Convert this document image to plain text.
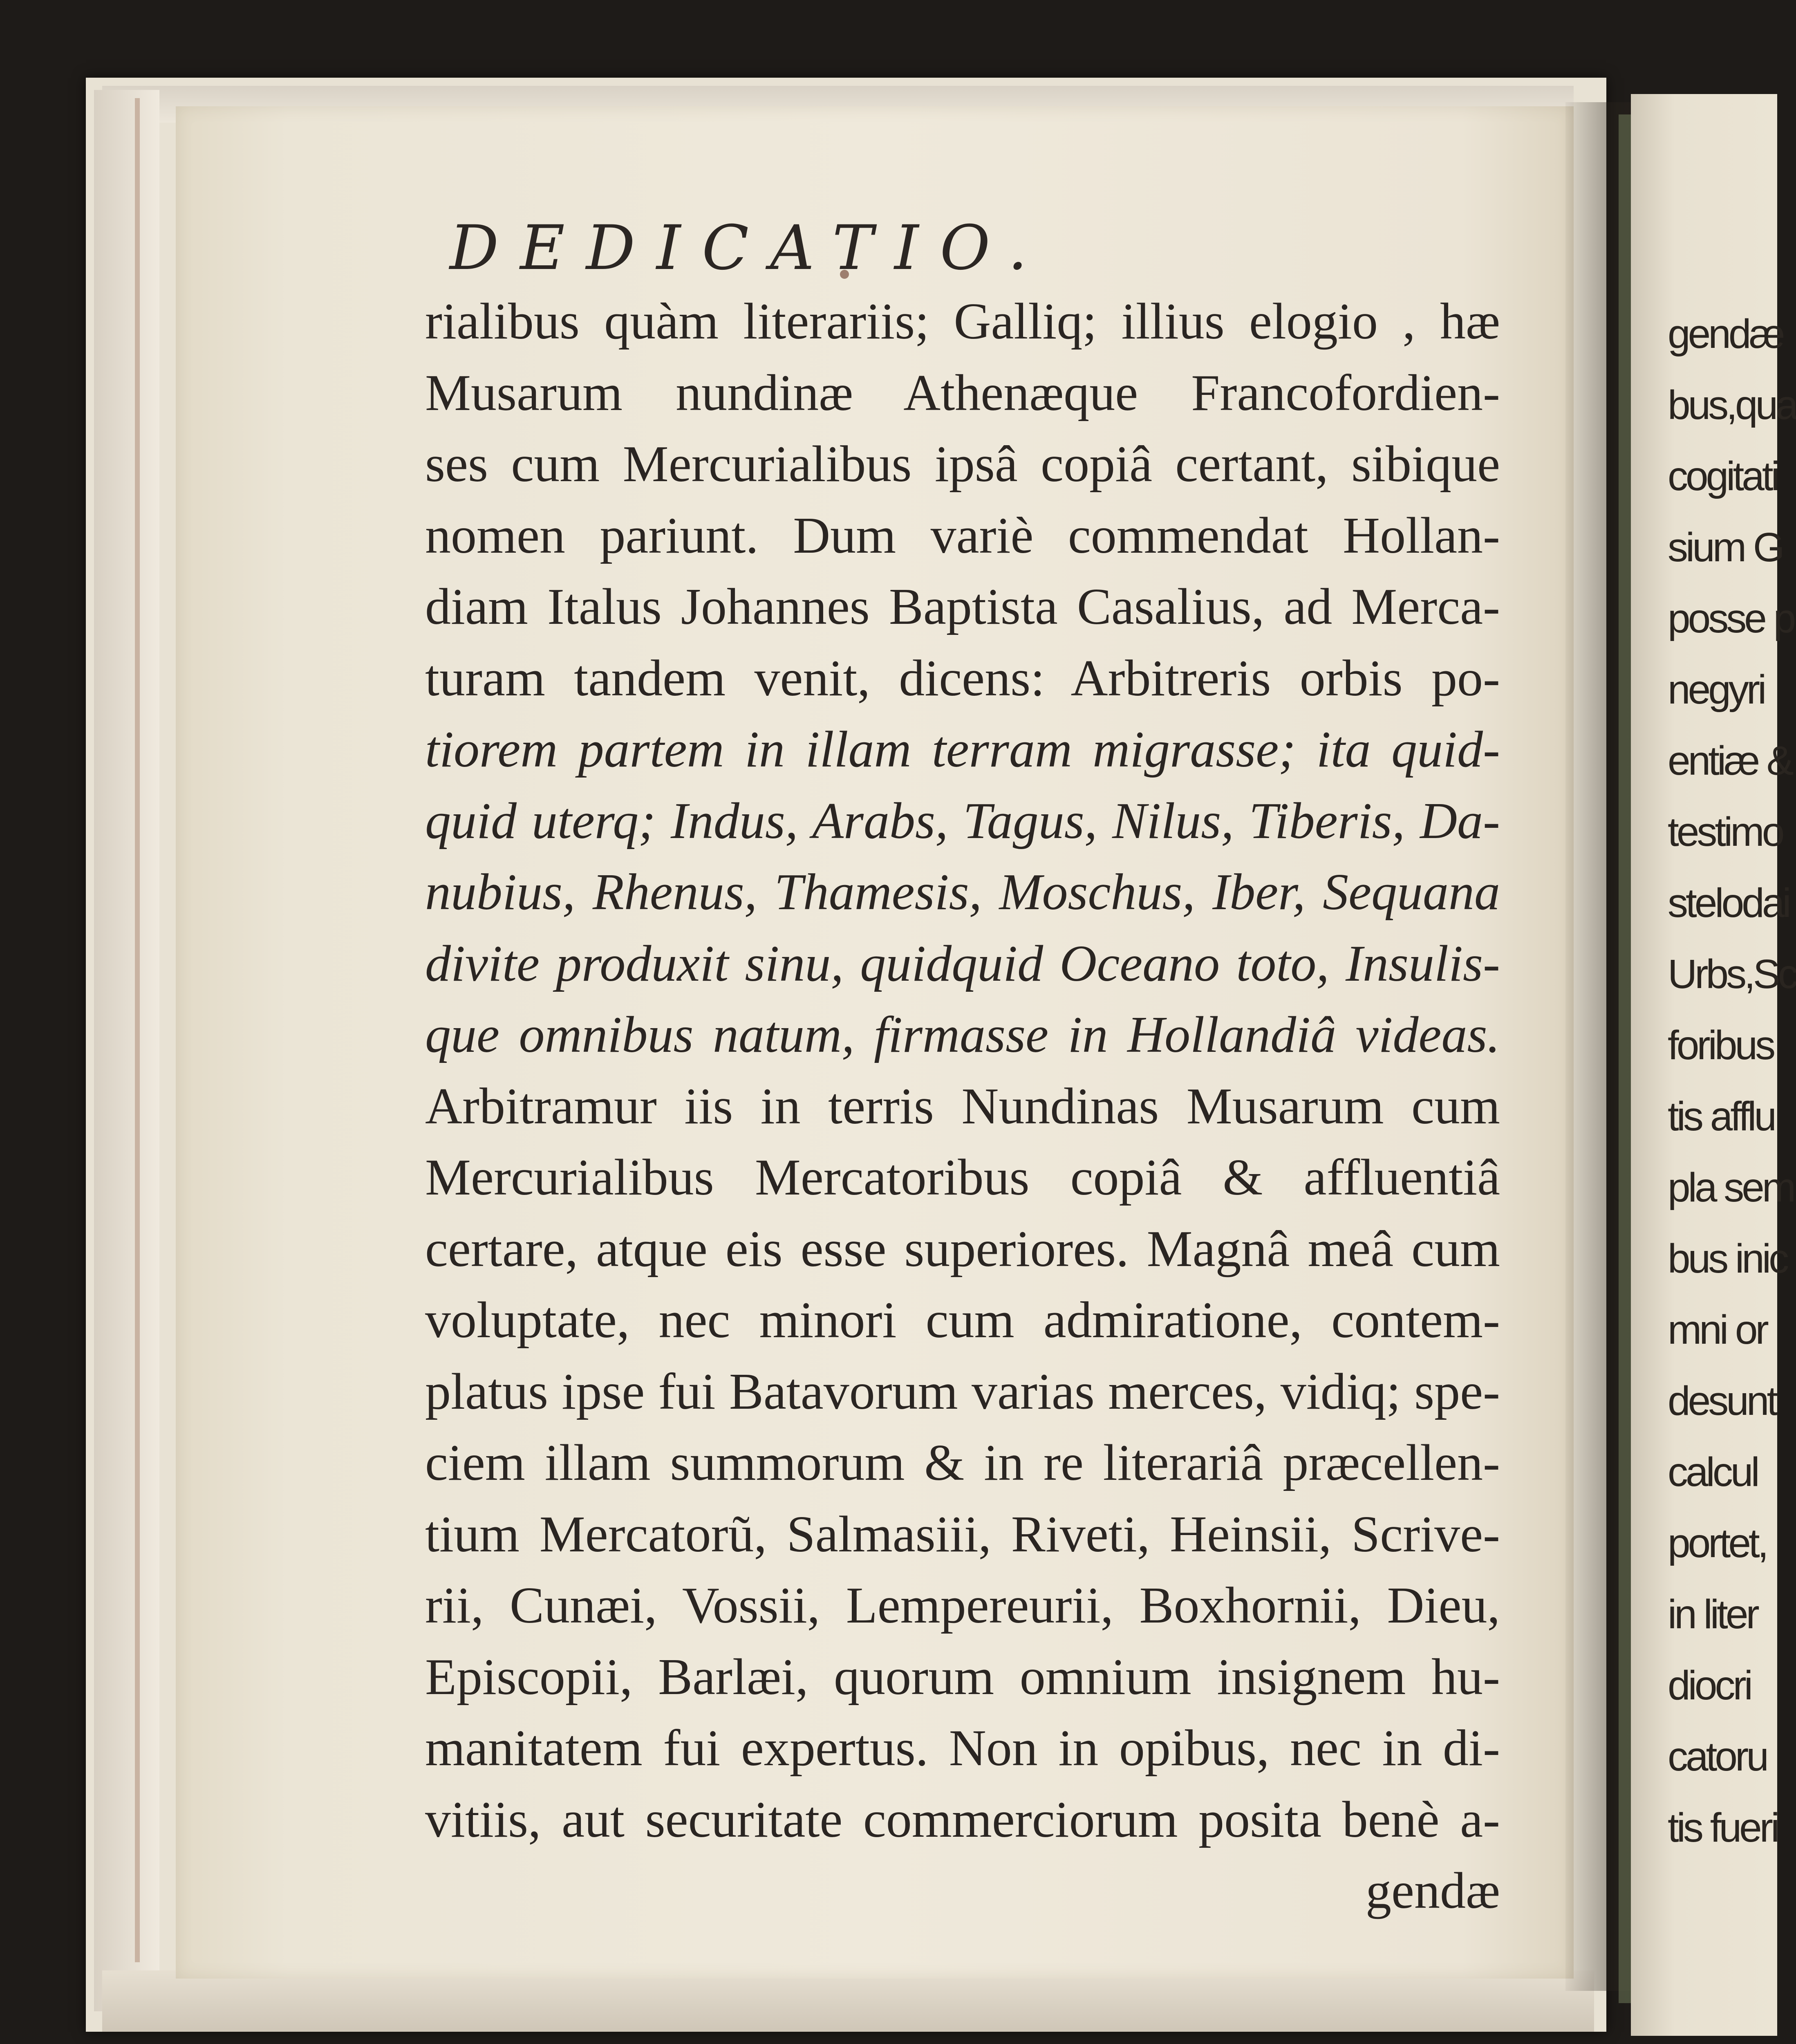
gendæ
bus,qua
cogitati
sium G
posse p
negyri
entiæ &
testimo
stelodai
Urbs,Sc
foribus
tis afflu
pla sem
bus inic
mni or
desunt
calcul
portet,
in liter
diocri
catoru
tis fueri
DEDICATIO.
rialibus quàm literariis; Galliq; illius elogio , hæ
Musarum nundinæ Athenæque Francofordien-
ses cum Mercurialibus ipsâ copiâ certant, sibique
nomen pariunt. Dum variè commendat Hollan-
diam Italus Johannes Baptista Casalius, ad Merca-
turam tandem venit, dicens: Arbitreris orbis po-
tiorem partem in illam terram migrasse; ita quid-
quid uterq; Indus, Arabs, Tagus, Nilus, Tiberis, Da-
nubius, Rhenus, Thamesis, Moschus, Iber, Sequana
divite produxit sinu, quidquid Oceano toto, Insulis-
que omnibus natum, firmasse in Hollandiâ videas.
Arbitramur iis in terris Nundinas Musarum cum
Mercurialibus Mercatoribus copiâ & affluentiâ
certare, atque eis esse superiores. Magnâ meâ cum
voluptate, nec minori cum admiratione, contem-
platus ipse fui Batavorum varias merces, vidiq; spe-
ciem illam summorum & in re literariâ præcellen-
tium Mercatorũ, Salmasiii, Riveti, Heinsii, Scrive-
rii, Cunæi, Vossii, Lempereurii, Boxhornii, Dieu,
Episcopii, Barlæi, quorum omnium insignem hu-
manitatem fui expertus. Non in opibus, nec in di-
vitiis, aut securitate commerciorum posita benè a-
gendæ
